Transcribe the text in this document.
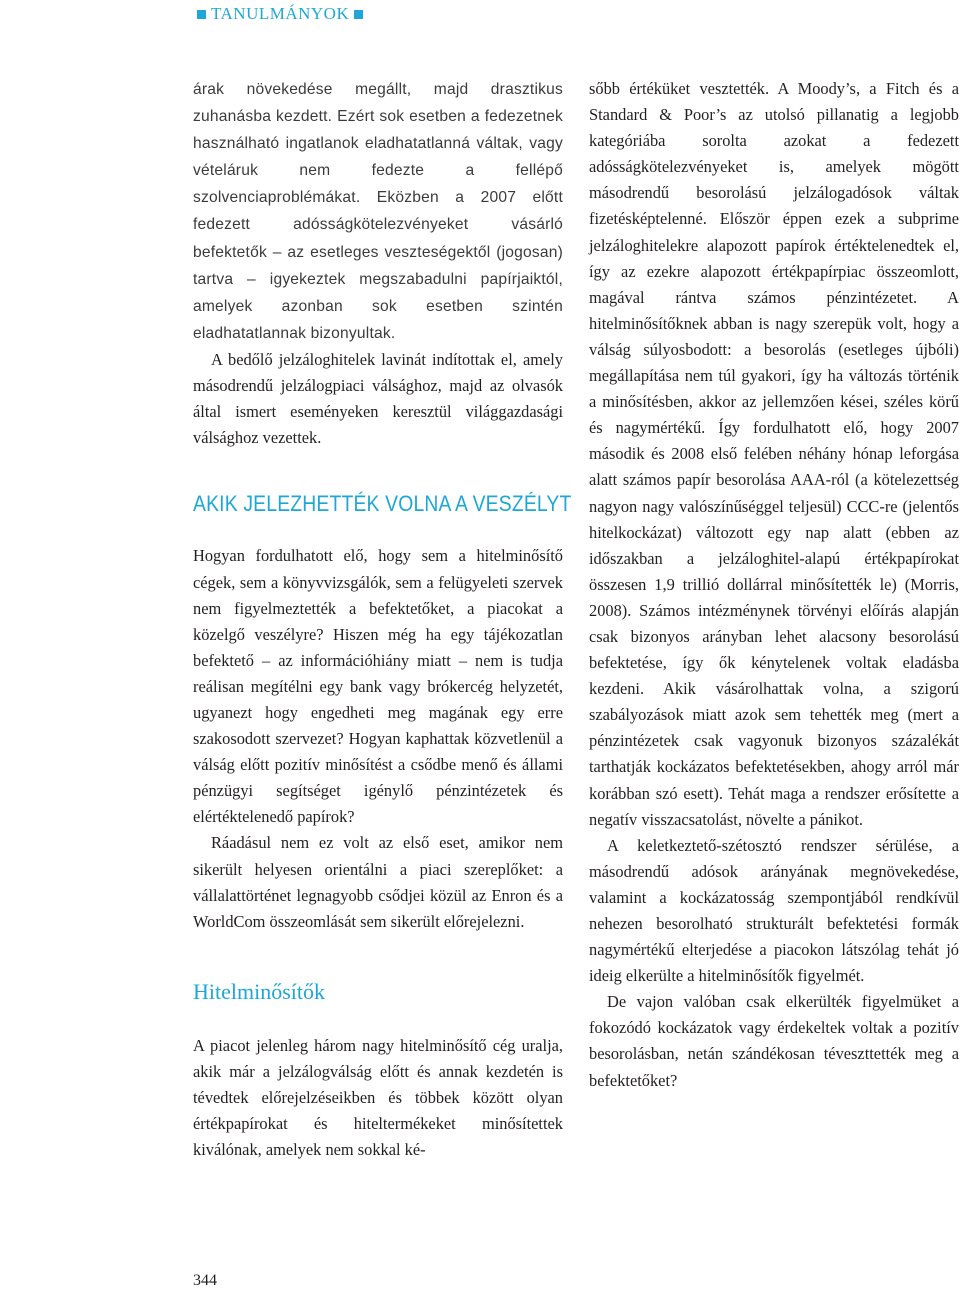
TANULMÁNYOK

árak növekedése megállt, majd drasztikus zuhanásba kezdett. Ezért sok esetben a fedezetnek használható ingatlanok eladhatatlanná váltak, vagy vételáruk nem fedezte a fellépő szolvenciaproblémákat. Eközben a 2007 előtt fedezett adósságkötelezvényeket vásárló befektetők – az esetleges veszteségektől (jogosan) tartva – igyekeztek megszabadulni papírjaiktól, amelyek azonban sok esetben szintén eladhatatlannak bizonyultak.

A bedőlő jelzáloghitelek lavinát indítottak el, amely másodrendű jelzálogpiaci válsághoz, majd az olvasók által ismert eseményeken keresztül világgazdasági válsághoz vezettek.

AKIK JELEZHETTÉK VOLNA A VESZÉLYT

Hogyan fordulhatott elő, hogy sem a hitelminősítő cégek, sem a könyvvizsgálók, sem a felügyeleti szervek nem figyelmeztették a befektetőket, a piacokat a közelgő veszélyre? Hiszen még ha egy tájékozatlan befektető – az információhiány miatt – nem is tudja reálisan megítélni egy bank vagy brókercég helyzetét, ugyanezt hogy engedheti meg magának egy erre szakosodott szervezet? Hogyan kaphattak közvetlenül a válság előtt pozitív minősítést a csődbe menő és állami pénzügyi segítséget igénylő pénzintézetek és elértéktelenedő papírok?

Ráadásul nem ez volt az első eset, amikor nem sikerült helyesen orientálni a piaci szereplőket: a vállalattörténet legnagyobb csődjei közül az Enron és a WorldCom összeomlását sem sikerült előrejelezni.

Hitelminősítők

A piacot jelenleg három nagy hitelminősítő cég uralja, akik már a jelzálogválság előtt és annak kezdetén is tévedtek előrejelzéseikben és többek között olyan értékpapírokat és hiteltermékeket minősítettek kiválónak, amelyek nem sokkal ké-

sőbb értéküket vesztették. A Moody’s, a Fitch és a Standard & Poor’s az utolsó pillanatig a legjobb kategóriába sorolta azokat a fedezett adósságkötelezvényeket is, amelyek mögött másodrendű besorolású jelzálogadósok váltak fizetésképtelenné. Először éppen ezek a subprime jelzáloghitelekre alapozott papírok értéktelenedtek el, így az ezekre alapozott értékpapírpiac összeomlott, magával rántva számos pénzintézetet. A hitelminősítőknek abban is nagy szerepük volt, hogy a válság súlyosbodott: a besorolás (esetleges újbóli) megállapítása nem túl gyakori, így ha változás történik a minősítésben, akkor az jellemzően kései, széles körű és nagymértékű. Így fordulhatott elő, hogy 2007 második és 2008 első felében néhány hónap leforgása alatt számos papír besorolása AAA-ról (a kötelezettség nagyon nagy valószínűséggel teljesül) CCC-re (jelentős hitelkockázat) változott egy nap alatt (ebben az időszakban a jelzáloghitel-alapú értékpapírokat összesen 1,9 trillió dollárral minősítették le) (Morris, 2008). Számos intézménynek törvényi előírás alapján csak bizonyos arányban lehet alacsony besorolású befektetése, így ők kénytelenek voltak eladásba kezdeni. Akik vásárolhattak volna, a szigorú szabályozások miatt azok sem tehették meg (mert a pénzintézetek csak vagyonuk bizonyos százalékát tarthatják kockázatos befektetésekben, ahogy arról már korábban szó esett). Tehát maga a rendszer erősítette a negatív visszacsatolást, növelte a pánikot.

A keletkeztető-szétosztó rendszer sérülése, a másodrendű adósok arányának megnövekedése, valamint a kockázatosság szempontjából rendkívül nehezen besorolható strukturált befektetési formák nagymértékű elterjedése a piacokon látszólag tehát jó ideig elkerülte a hitelminősítők figyelmét.

De vajon valóban csak elkerülték figyelmüket a fokozódó kockázatok vagy érdekeltek voltak a pozitív besorolásban, netán szándékosan téveszttették meg a befektetőket?

344
